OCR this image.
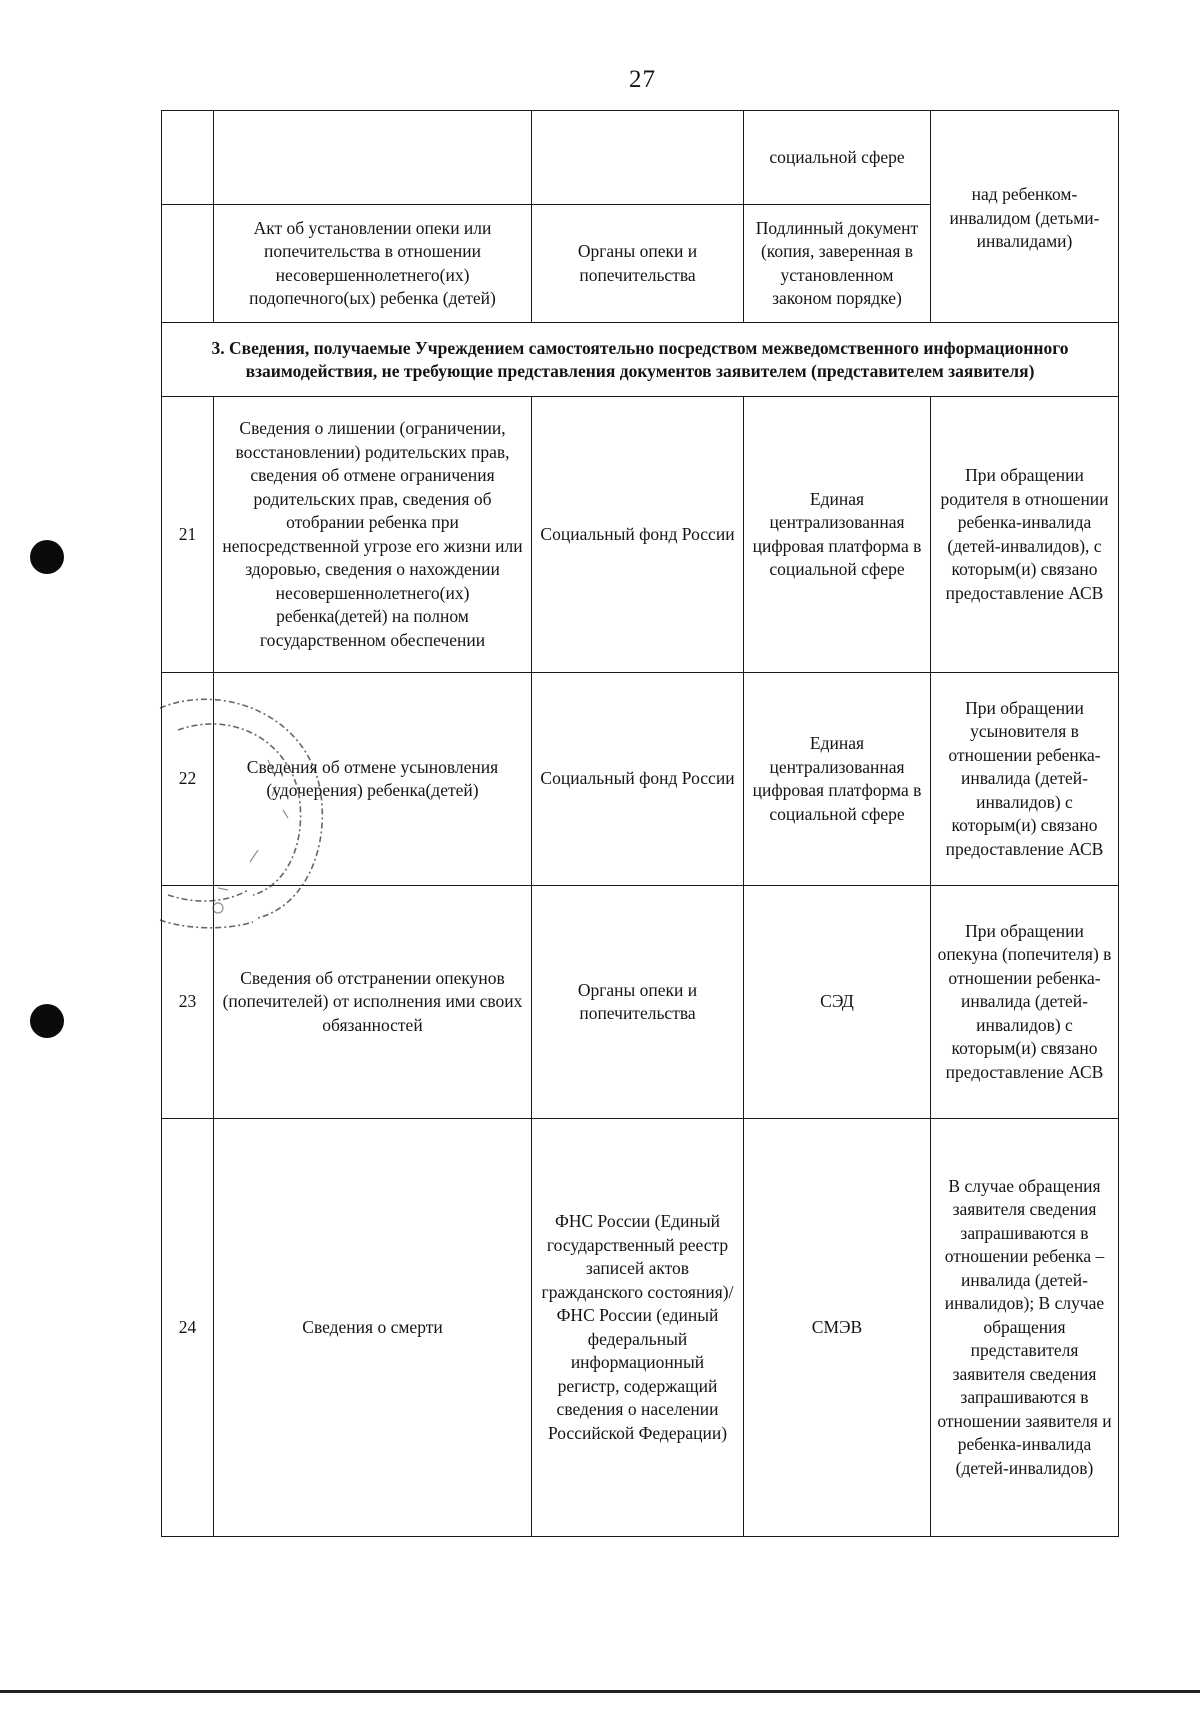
27
			социальной сфере	над ребенком-инвалидом (детьми-инвалидами)
	Акт об установлении опеки или попечительства в отношении несовершеннолетнего(их) подопечного(ых) ребенка (детей)	Органы опеки и попечительства	Подлинный документ (копия, заверенная в установленном законом порядке)	
3. Сведения, получаемые Учреждением самостоятельно посредством межведомственного информационного взаимодействия, не требующие представления документов заявителем (представителем заявителя)				
21	Сведения о лишении (ограничении, восстановлении) родительских прав, сведения об отмене ограничения родительских прав, сведения об отобрании ребенка при непосредственной угрозе его жизни или здоровью, сведения о нахождении несовершеннолетнего(их) ребенка(детей) на полном государственном обеспечении	Социальный фонд России	Единая централизованная цифровая платформа в социальной сфере	При обращении родителя в отношении ребенка-инвалида (детей-инвалидов), с которым(и) связано предоставление АСВ
22	Сведения об отмене усыновления (удочерения) ребенка(детей)	Социальный фонд России	Единая централизованная цифровая платформа в социальной сфере	При обращении усыновителя в отношении ребенка-инвалида (детей-инвалидов) с которым(и) связано предоставление АСВ
23	Сведения об отстранении опекунов (попечителей) от исполнения ими своих обязанностей	Органы опеки и попечительства	СЭД	При обращении опекуна (попечителя) в отношении ребенка-инвалида (детей-инвалидов) с которым(и) связано предоставление АСВ
24	Сведения о смерти	ФНС России (Единый государственный реестр записей актов гражданского состояния)/ФНС России (единый федеральный информационный регистр, содержащий сведения о населении Российской Федерации)	СМЭВ	В случае обращения заявителя сведения запрашиваются в отношении ребенка –инвалида (детей-инвалидов); В случае обращения представителя заявителя сведения запрашиваются в отношении заявителя и ребенка-инвалида (детей-инвалидов)
